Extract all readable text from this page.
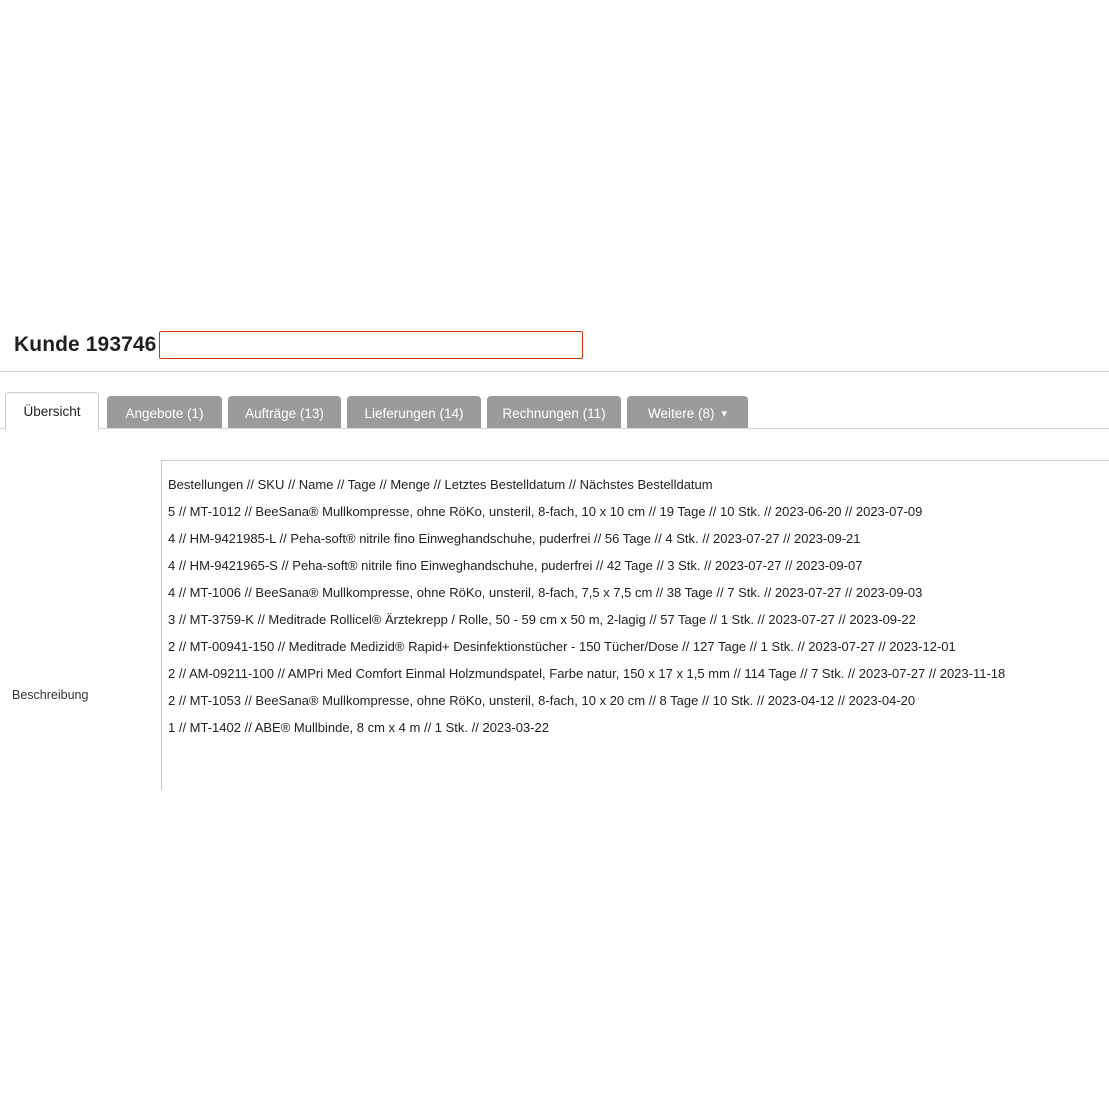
Kunde 193746
Übersicht	Angebote (1)	Aufträge (13)	Lieferungen (14)	Rechnungen (11)	Weitere (8) ▾
Beschreibung
Bestellungen // SKU // Name // Tage // Menge // Letztes Bestelldatum // Nächstes Bestelldatum
5 // MT-1012 // BeeSana® Mullkompresse, ohne RöKo, unsteril, 8-fach, 10 x 10 cm // 19 Tage // 10 Stk. // 2023-06-20 // 2023-07-09
4 // HM-9421985-L // Peha-soft® nitrile fino Einweghandschuhe, puderfrei // 56 Tage // 4 Stk. // 2023-07-27 // 2023-09-21
4 // HM-9421965-S // Peha-soft® nitrile fino Einweghandschuhe, puderfrei // 42 Tage // 3 Stk. // 2023-07-27 // 2023-09-07
4 // MT-1006 // BeeSana® Mullkompresse, ohne RöKo, unsteril, 8-fach, 7,5 x 7,5 cm // 38 Tage // 7 Stk. // 2023-07-27 // 2023-09-03
3 // MT-3759-K // Meditrade Rollicel® Ärztekrepp / Rolle, 50 - 59 cm x 50 m, 2-lagig // 57 Tage // 1 Stk. // 2023-07-27 // 2023-09-22
2 // MT-00941-150 // Meditrade Medizid® Rapid+ Desinfektionstücher - 150 Tücher/Dose // 127 Tage // 1 Stk. // 2023-07-27 // 2023-12-01
2 // AM-09211-100 // AMPri Med Comfort Einmal Holzmundspatel, Farbe natur, 150 x 17 x 1,5 mm // 114 Tage // 7 Stk. // 2023-07-27 // 2023-11-18
2 // MT-1053 // BeeSana® Mullkompresse, ohne RöKo, unsteril, 8-fach, 10 x 20 cm // 8 Tage // 10 Stk. // 2023-04-12 // 2023-04-20
1 // MT-1402 // ABE® Mullbinde, 8 cm x 4 m // 1 Stk. // 2023-03-22
